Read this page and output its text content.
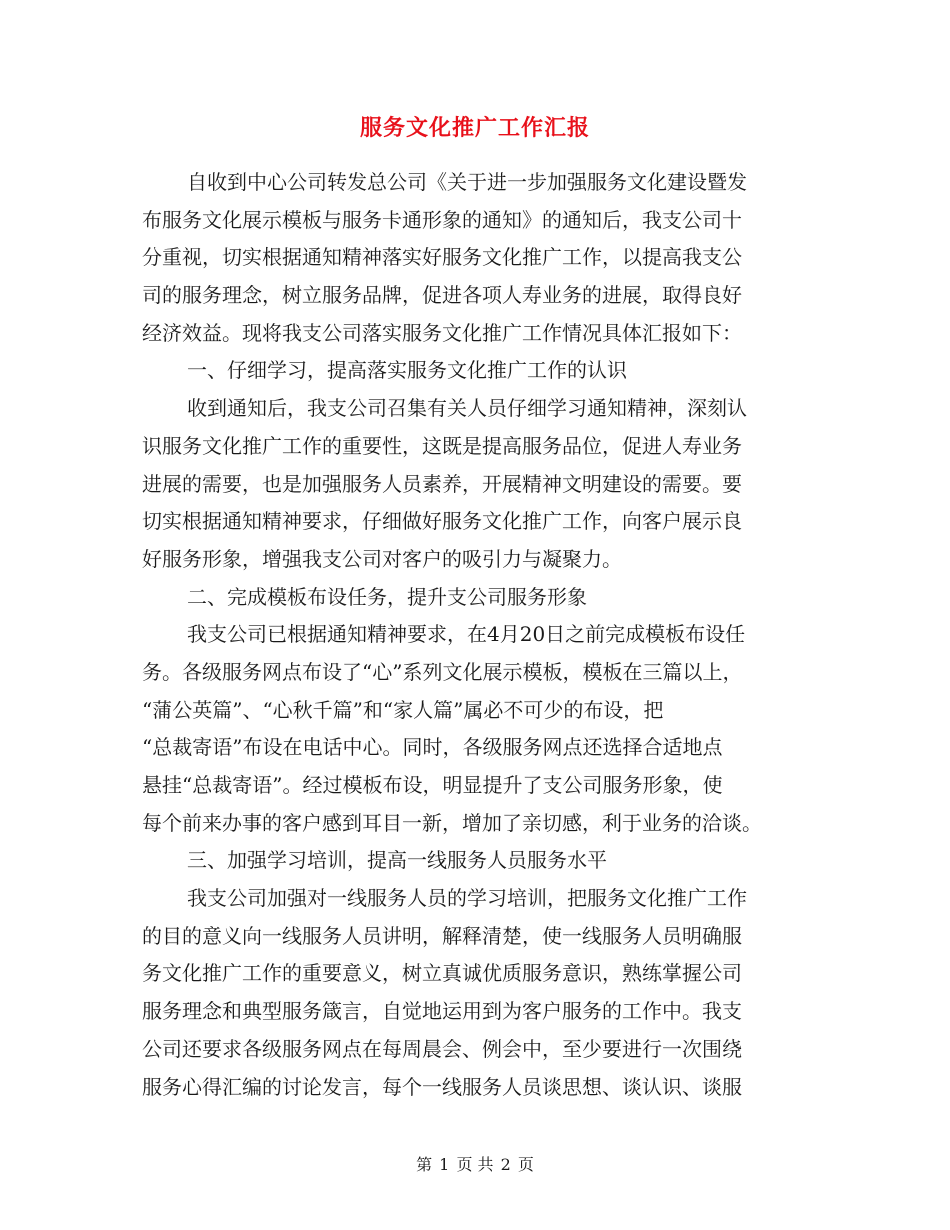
服务文化推广工作汇报
自收到中心公司转发总公司《关于进一步加强服务文化建设暨发
布服务文化展示模板与服务卡通形象的通知》的通知后，我支公司十
分重视，切实根据通知精神落实好服务文化推广工作，以提高我支公
司的服务理念，树立服务品牌，促进各项人寿业务的进展，取得良好
经济效益。现将我支公司落实服务文化推广工作情况具体汇报如下：
一、仔细学习，提高落实服务文化推广工作的认识
收到通知后，我支公司召集有关人员仔细学习通知精神，深刻认
识服务文化推广工作的重要性，这既是提高服务品位，促进人寿业务
进展的需要，也是加强服务人员素养，开展精神文明建设的需要。要
切实根据通知精神要求，仔细做好服务文化推广工作，向客户展示良
好服务形象，增强我支公司对客户的吸引力与凝聚力。
二、完成模板布设任务，提升支公司服务形象
我支公司已根据通知精神要求，在4月20日之前完成模板布设任
务。各级服务网点布设了“心”系列文化展示模板，模板在三篇以上，
“蒲公英篇”、“心秋千篇”和“家人篇”属必不可少的布设，把
“总裁寄语”布设在电话中心。同时，各级服务网点还选择合适地点
悬挂“总裁寄语”。经过模板布设，明显提升了支公司服务形象，使
每个前来办事的客户感到耳目一新，增加了亲切感，利于业务的洽谈。
三、加强学习培训，提高一线服务人员服务水平
我支公司加强对一线服务人员的学习培训，把服务文化推广工作
的目的意义向一线服务人员讲明，解释清楚，使一线服务人员明确服
务文化推广工作的重要意义，树立真诚优质服务意识，熟练掌握公司
服务理念和典型服务箴言，自觉地运用到为客户服务的工作中。我支
公司还要求各级服务网点在每周晨会、例会中，至少要进行一次围绕
服务心得汇编的讨论发言，每个一线服务人员谈思想、谈认识、谈服
第 1 页 共 2 页
